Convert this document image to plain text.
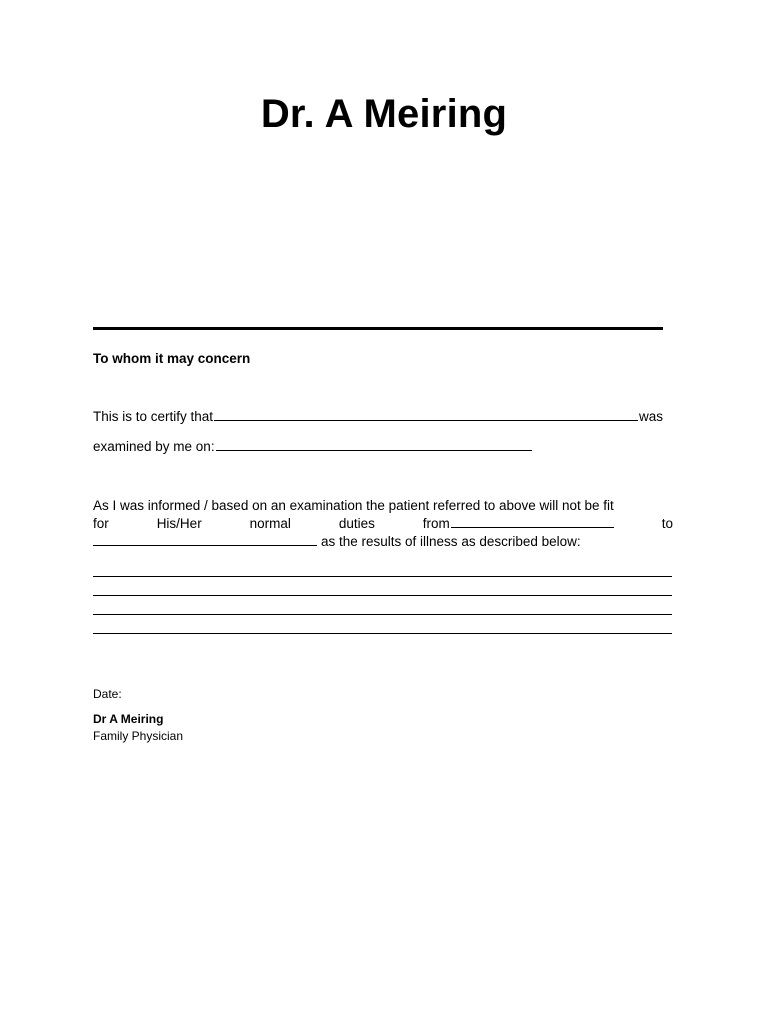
Dr. A Meiring
To whom it may concern
This is to certify that	was
examined by me on:
As I was informed / based on an examination the patient referred to above will not be fit
for	His/Her	normal	duties	from	to
as the results of illness as described below:
Date:
Dr A Meiring
Family Physician
